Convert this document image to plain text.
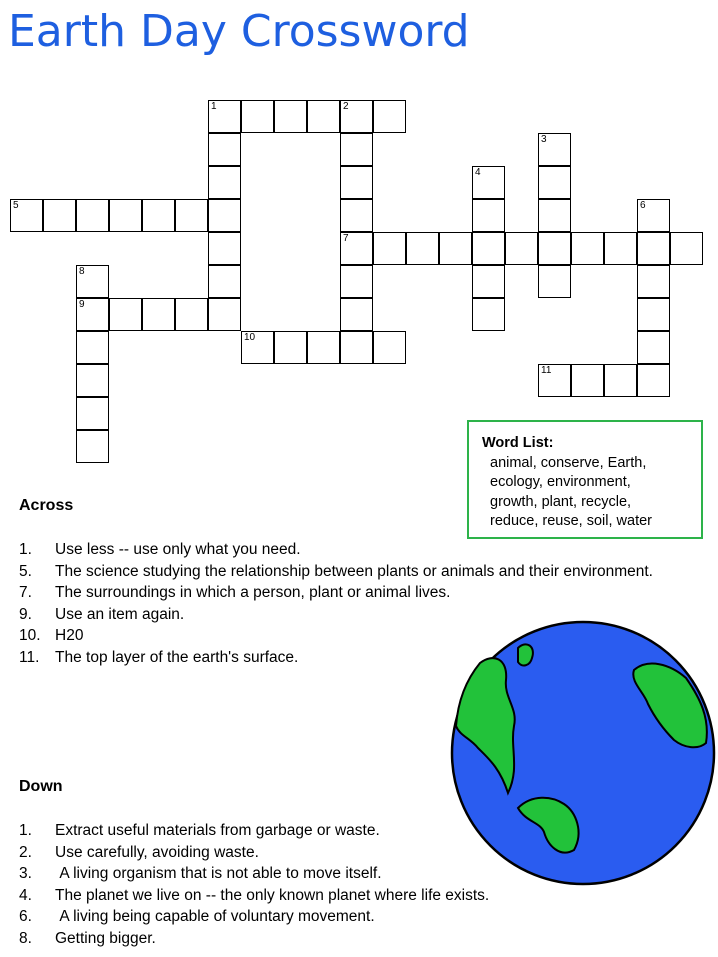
Earth Day Crossword
1	2
3
4
5	6
7
8
9
10
11
Word List:
animal, conserve, Earth, ecology, environment, growth, plant, recycle, reduce, reuse, soil, water
Across
1.	Use less -- use only what you need.
5.	The science studying the relationship between plants or animals and their environment.
7.	The surroundings in which a person, plant or animal lives.
9.	Use an item again.
10. H20
11.	The top layer of the earth's surface.
Down
1.	Extract useful materials from garbage or waste.
2.	Use carefully, avoiding waste.
3.	A living organism that is not able to move itself.
4.	The planet we live on -- the only known planet where life exists.
6.	A living being capable of voluntary movement.
8.	Getting bigger.
